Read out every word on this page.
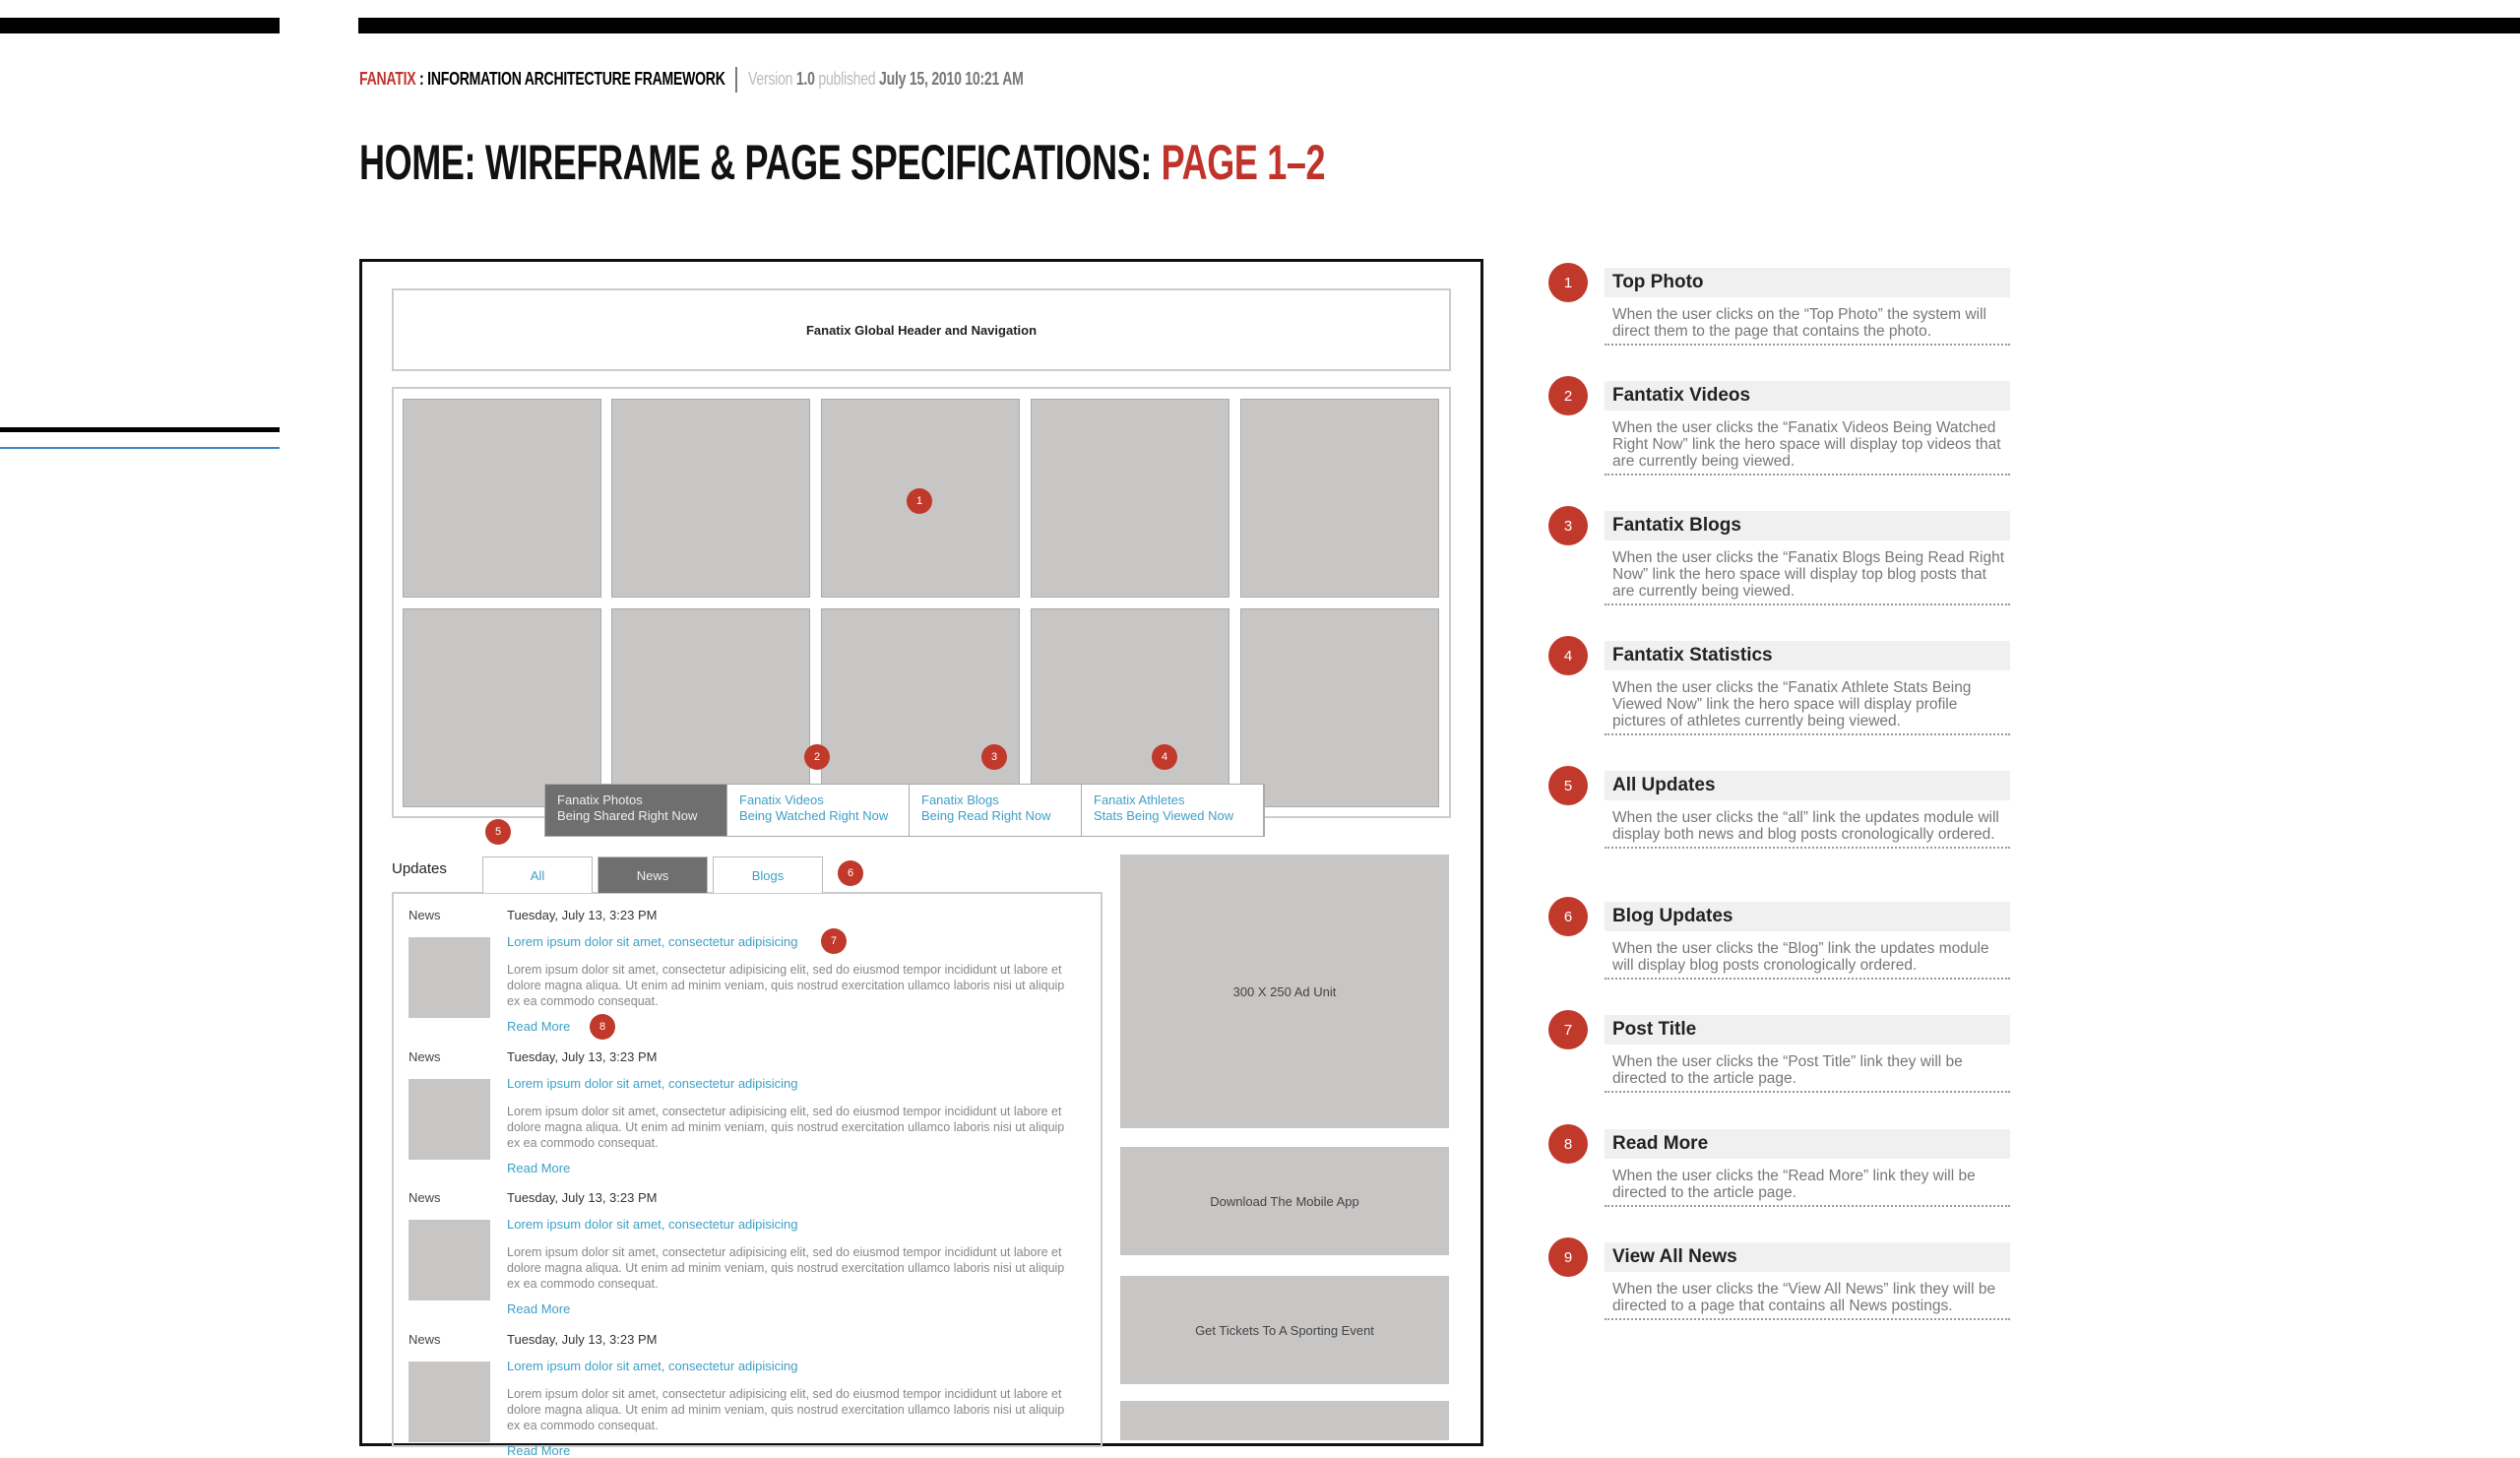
FANATIX : INFORMATION ARCHITECTURE FRAMEWORK Version 1.0 published July 15, 2010 10:21 AM
HOME: WIREFRAME & PAGE SPECIFICATIONS: PAGE 1–2
Fanatix Global Header and Navigation
Fanatix Photos
Being Shared Right Now
Fanatix Videos
Being Watched Right Now
Fanatix Blogs
Being Read Right Now
Fanatix Athletes
Stats Being Viewed Now
Updates	All	News	Blogs
News	Tuesday, July 13, 3:23 PM
Lorem ipsum dolor sit amet, consectetur adipisicing
Lorem ipsum dolor sit amet, consectetur adipisicing elit, sed do eiusmod tempor incididunt ut labore et dolore magna aliqua. Ut enim ad minim veniam, quis nostrud exercitation ullamco laboris nisi ut aliquip ex ea commodo consequat.
Read More
News	Tuesday, July 13, 3:23 PM
Lorem ipsum dolor sit amet, consectetur adipisicing
Lorem ipsum dolor sit amet, consectetur adipisicing elit, sed do eiusmod tempor incididunt ut labore et dolore magna aliqua. Ut enim ad minim veniam, quis nostrud exercitation ullamco laboris nisi ut aliquip ex ea commodo consequat.
Read More
News	Tuesday, July 13, 3:23 PM
Lorem ipsum dolor sit amet, consectetur adipisicing
Lorem ipsum dolor sit amet, consectetur adipisicing elit, sed do eiusmod tempor incididunt ut labore et dolore magna aliqua. Ut enim ad minim veniam, quis nostrud exercitation ullamco laboris nisi ut aliquip ex ea commodo consequat.
Read More
News	Tuesday, July 13, 3:23 PM
Lorem ipsum dolor sit amet, consectetur adipisicing
Lorem ipsum dolor sit amet, consectetur adipisicing elit, sed do eiusmod tempor incididunt ut labore et dolore magna aliqua. Ut enim ad minim veniam, quis nostrud exercitation ullamco laboris nisi ut aliquip ex ea commodo consequat.
Read More
300 X 250 Ad Unit
Download The Mobile App
Get Tickets To A Sporting Event
1
2	3	4
5
6
7
8
1	Top Photo
When the user clicks on the “Top Photo” the system will direct them to the page that contains the photo.
2	Fantatix Videos
When the user clicks the “Fanatix Videos Being Watched Right Now” link the hero space will display top videos that are currently being viewed.
3	Fantatix Blogs
When the user clicks the “Fanatix Blogs Being Read Right Now” link the hero space will display top blog posts that are currently being viewed.
4	Fantatix Statistics
When the user clicks the “Fanatix Athlete Stats Being Viewed Now” link the hero space will display profile pictures of athletes currently being viewed.
5	All Updates
When the user clicks the “all” link the updates module will display both news and blog posts cronologically ordered.
6	Blog Updates
When the user clicks the “Blog” link the updates module will display blog posts cronologically ordered.
7	Post Title
When the user clicks the “Post Title” link they will be directed to the article page.
8	Read More
When the user clicks the “Read More” link they will be directed to the article page.
9	View All News
When the user clicks the “View All News” link they will be directed to a page that contains all News postings.
